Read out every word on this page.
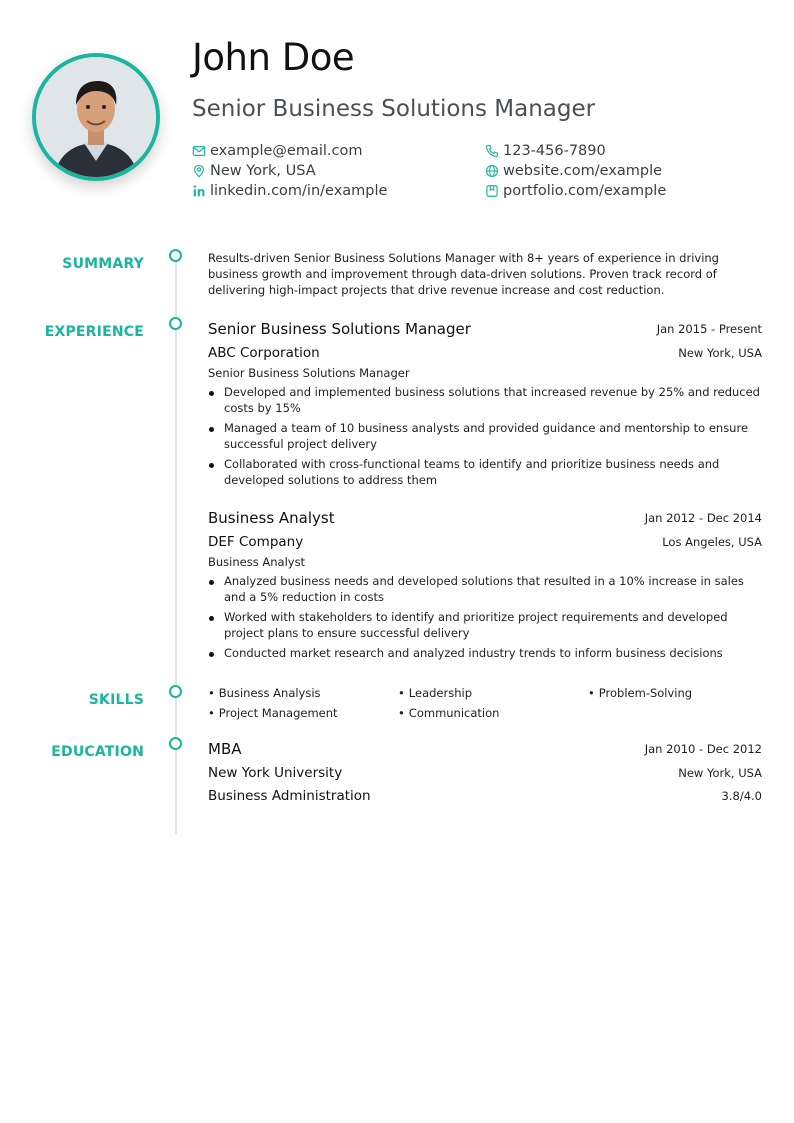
John Doe
Senior Business Solutions Manager
example@email.com	123-456-7890
New York, USA	website.com/example
linkedin.com/in/example	portfolio.com/example
SUMMARY
EXPERIENCE
SKILLS
EDUCATION

Results-driven Senior Business Solutions Manager with 8+ years of experience in driving business growth and improvement through data-driven solutions. Proven track record of delivering high-impact projects that drive revenue increase and cost reduction.

Senior Business Solutions Manager	Jan 2015 - Present
ABC Corporation	New York, USA
Senior Business Solutions Manager
Developed and implemented business solutions that increased revenue by 25% and reduced costs by 15%
Managed a team of 10 business analysts and provided guidance and mentorship to ensure successful project delivery
Collaborated with cross-functional teams to identify and prioritize business needs and developed solutions to address them
Business Analyst	Jan 2012 - Dec 2014
DEF Company	Los Angeles, USA
Business Analyst
Analyzed business needs and developed solutions that resulted in a 10% increase in sales and a 5% reduction in costs
Worked with stakeholders to identify and prioritize project requirements and developed project plans to ensure successful delivery
Conducted market research and analyzed industry trends to inform business decisions
• Business Analysis	• Leadership	• Problem-Solving
• Project Management	• Communication
MBA	Jan 2010 - Dec 2012
New York University	New York, USA
Business Administration	3.8/4.0
